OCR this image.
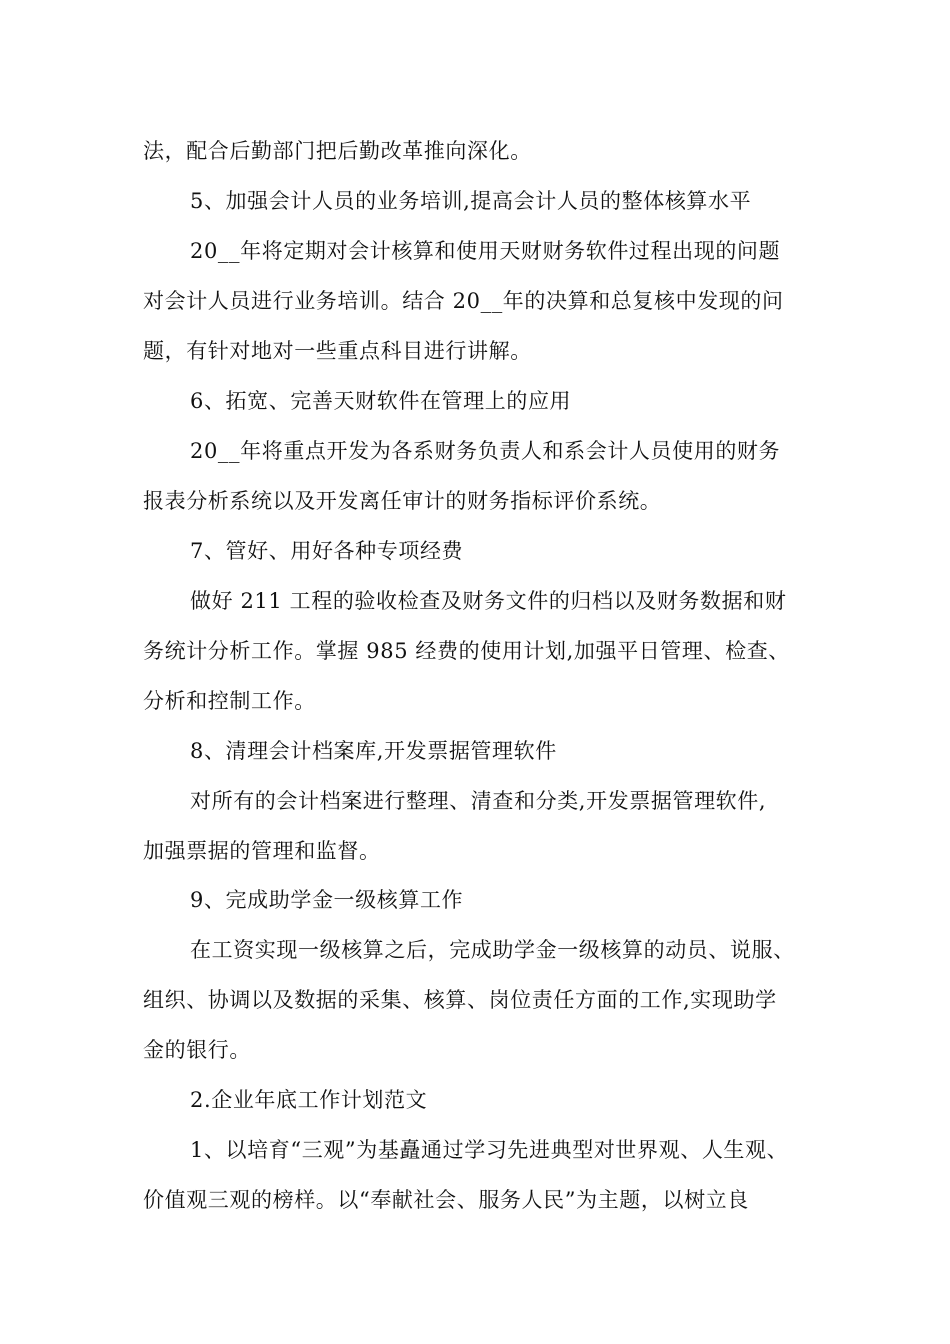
法，配合后勤部门把后勤改革推向深化。
5、加强会计人员的业务培训,提高会计人员的整体核算水平
20__年将定期对会计核算和使用天财财务软件过程出现的问题
对会计人员进行业务培训。结合 20__年的决算和总复核中发现的问
题，有针对地对一些重点科目进行讲解。
6、拓宽、完善天财软件在管理上的应用
20__年将重点开发为各系财务负责人和系会计人员使用的财务
报表分析系统以及开发离任审计的财务指标评价系统。
7、管好、用好各种专项经费
做好 211 工程的验收检查及财务文件的归档以及财务数据和财
务统计分析工作。掌握 985 经费的使用计划,加强平日管理、检查、
分析和控制工作。
8、清理会计档案库,开发票据管理软件
对所有的会计档案进行整理、清查和分类,开发票据管理软件,
加强票据的管理和监督。
9、完成助学金一级核算工作
在工资实现一级核算之后，完成助学金一级核算的动员、说服、
组织、协调以及数据的采集、核算、岗位责任方面的工作,实现助学
金的银行。
2.企业年底工作计划范文
1、以培育“三观”为基矗通过学习先进典型对世界观、人生观、
价值观三观的榜样。以“奉献社会、服务人民”为主题，以树立良
